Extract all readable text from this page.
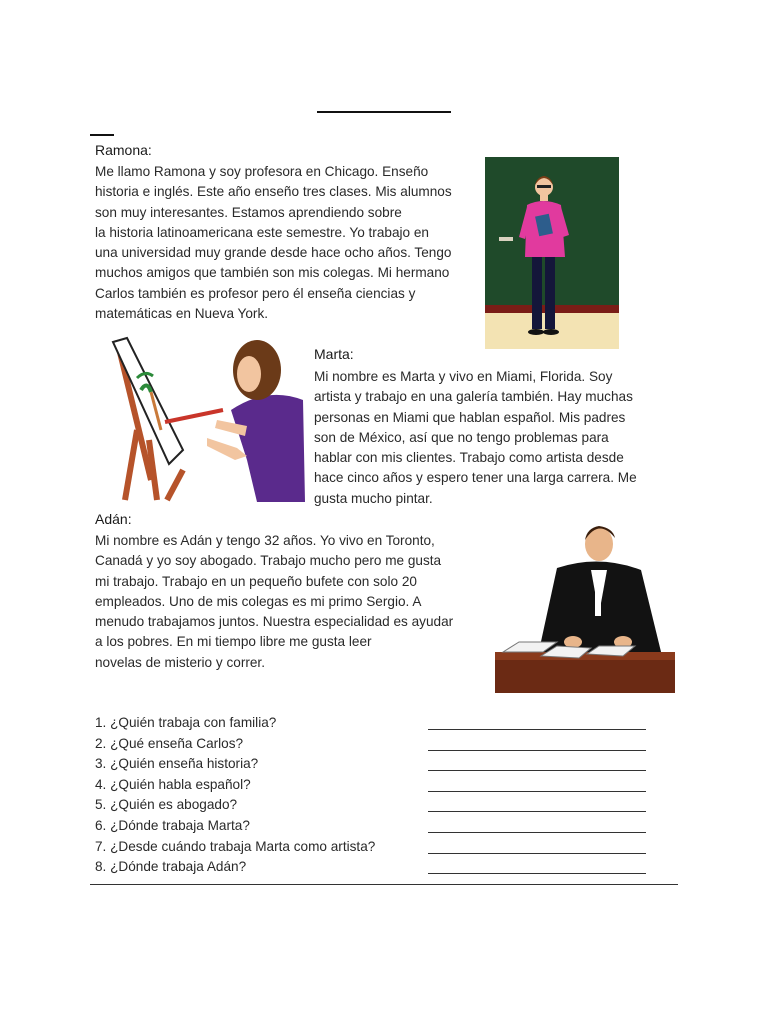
Ramona:
Me llamo Ramona y soy profesora en Chicago. Enseño
historia e inglés. Este año enseño tres clases. Mis alumnos
son muy interesantes. Estamos aprendiendo sobre
la historia latinoamericana este semestre. Yo trabajo en
una universidad muy grande desde hace ocho años. Tengo
muchos amigos que también son mis colegas. Mi hermano
Carlos también es profesor pero él enseña ciencias y
matemáticas en Nueva York.
Marta:
Mi nombre es Marta y vivo en Miami, Florida. Soy
artista y trabajo en una galería también. Hay muchas
personas en Miami que hablan español. Mis padres
son de México, así que no tengo problemas para
hablar con mis clientes. Trabajo como artista desde
hace cinco años y espero tener una larga carrera. Me
gusta mucho pintar.
Adán:
Mi nombre es Adán y tengo 32 años. Yo vivo en Toronto,
Canadá y yo soy abogado. Trabajo mucho pero me gusta
mi trabajo. Trabajo en un pequeño bufete con solo 20
empleados. Uno de mis colegas es mi primo Sergio. A
menudo trabajamos juntos. Nuestra especialidad es ayudar
a los pobres. En mi tiempo libre me gusta leer
novelas de misterio y correr.
1. ¿Quién trabaja con familia?
2. ¿Qué enseña Carlos?
3. ¿Quién enseña historia?
4. ¿Quién habla español?
5. ¿Quién es abogado?
6. ¿Dónde trabaja Marta?
7. ¿Desde cuándo trabaja Marta como artista?
8. ¿Dónde trabaja Adán?
